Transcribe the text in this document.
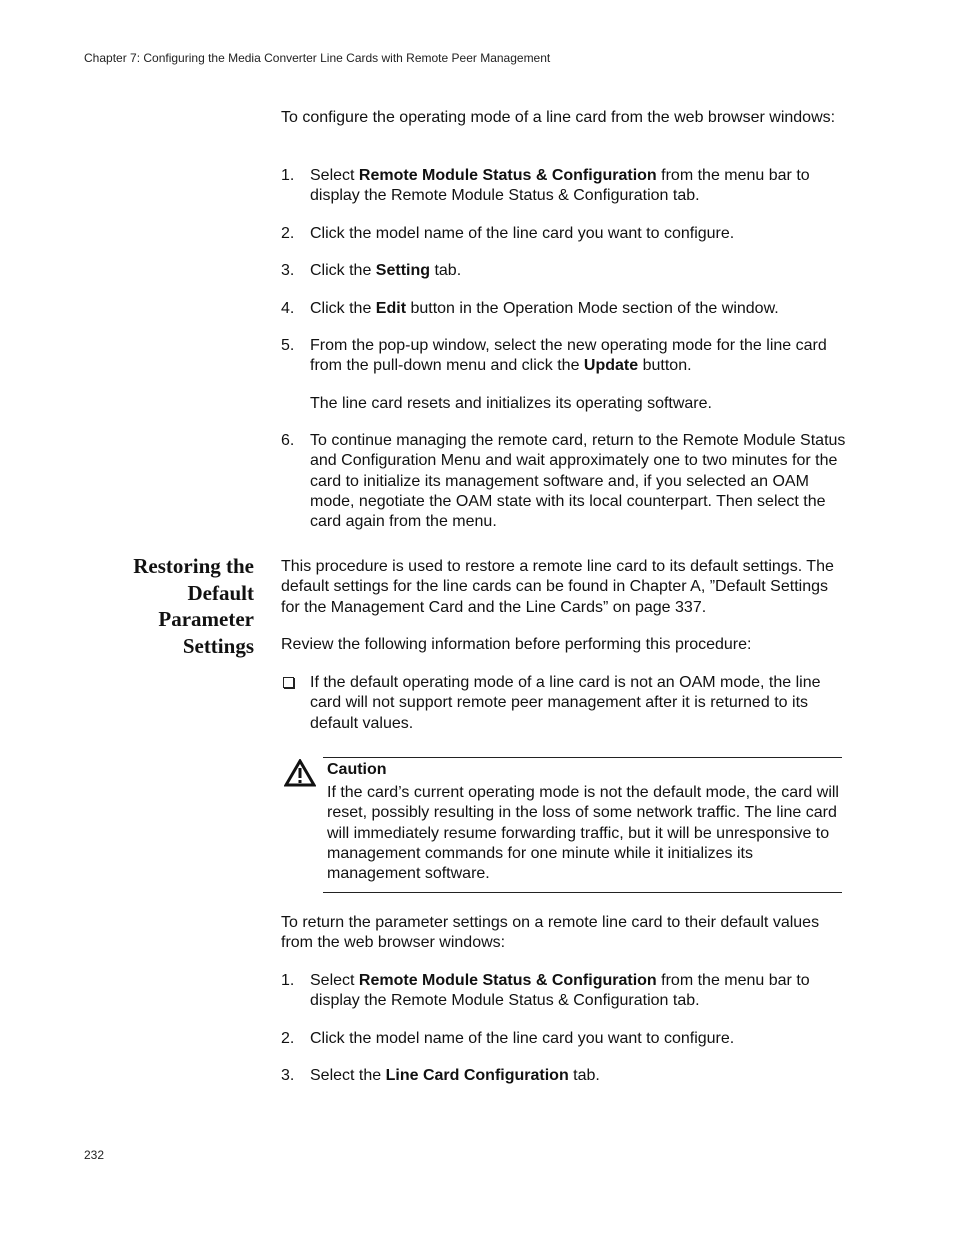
Chapter 7: Configuring the Media Converter Line Cards with Remote Peer Management

To configure the operating mode of a line card from the web browser windows:

1. Select Remote Module Status & Configuration from the menu bar to display the Remote Module Status & Configuration tab.
2. Click the model name of the line card you want to configure.
3. Click the Setting tab.
4. Click the Edit button in the Operation Mode section of the window.
5. From the pop-up window, select the new operating mode for the line card from the pull-down menu and click the Update button.
The line card resets and initializes its operating software.
6. To continue managing the remote card, return to the Remote Module Status and Configuration Menu and wait approximately one to two minutes for the card to initialize its management software and, if you selected an OAM mode, negotiate the OAM state with its local counterpart. Then select the card again from the menu.
Restoring the
Default
Parameter
Settings

This procedure is used to restore a remote line card to its default settings. The default settings for the line cards can be found in Chapter A, ”Default Settings for the Management Card and the Line Cards” on page 337.

Review the following information before performing this procedure:

If the default operating mode of a line card is not an OAM mode, the line card will not support remote peer management after it is returned to its default values.
Caution
If the card’s current operating mode is not the default mode, the card will reset, possibly resulting in the loss of some network traffic. The line card will immediately resume forwarding traffic, but it will be unresponsive to management commands for one minute while it initializes its management software.

To return the parameter settings on a remote line card to their default values from the web browser windows:

1. Select Remote Module Status & Configuration from the menu bar to display the Remote Module Status & Configuration tab.
2. Click the model name of the line card you want to configure.
3. Select the Line Card Configuration tab.
232
